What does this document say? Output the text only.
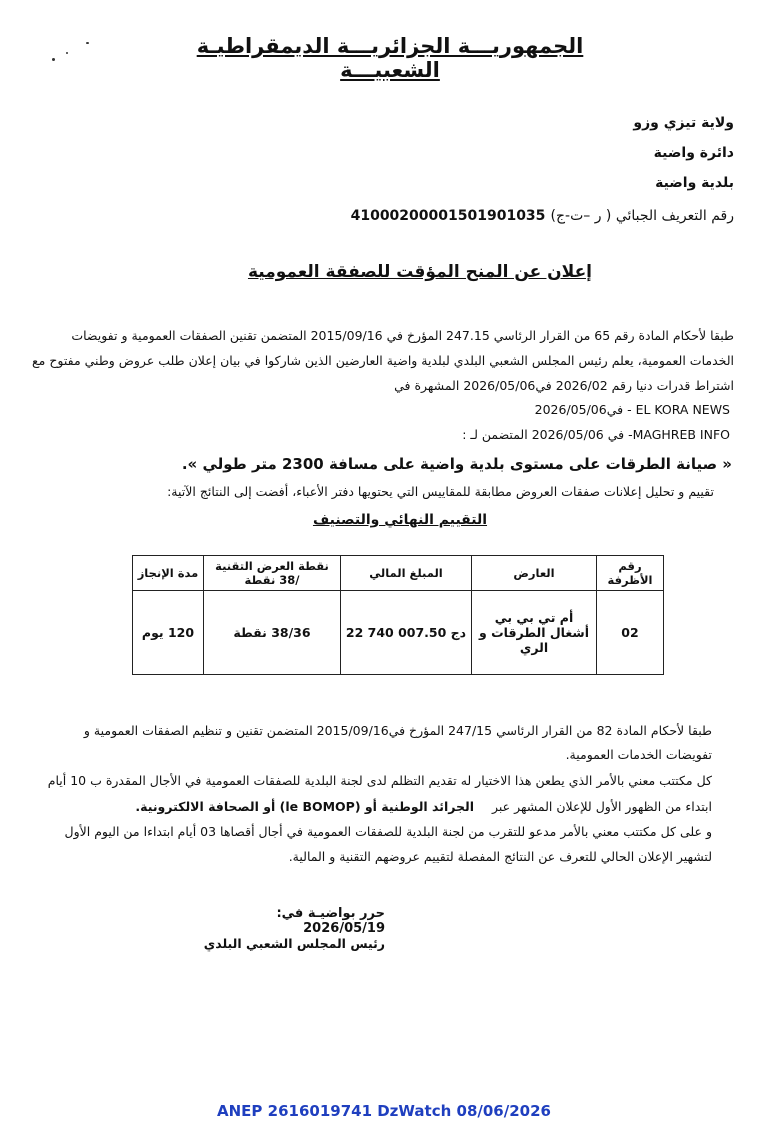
الجمهوريـــة الجزائريـــة الديمقراطيـة الشعبيـــة
ولاية تيزي وزو
دائرة واضية
بلدية واضية
رقم التعريف الجبائي ( ر –ت-ج) 41000200001501901035
إعلان عن المنح المؤقت للصفقة العمومية
طبقا لأحكام المادة رقم 65 من القرار الرئاسي 247.15 المؤرخ في 2015/09/16 المتضمن تقنين الصفقات العمومية و تفويضات
الخدمات العمومية، يعلم رئيس المجلس الشعبي البلدي لبلدية واضية العارضين الذين شاركوا في بيان إعلان طلب عروض وطني مفتوح مع
اشتراط قدرات دنيا رقم 2026/02 في2026/05/06 المشهرة في
EL KORA NEWS - في2026/05/06
MAGHREB INFO- في 2026/05/06 المتضمن لـ :
« صيانة الطرقات على مستوى بلدية واضية على مسافة 2300 متر طولي ».
تقييم و تحليل إعلانات صفقات العروض مطابقة للمقاييس التي يحتويها دفتر الأعباء، أفضت إلى النتائج الآتية:
التقييم النهائي والتصنيف
رقم الأظرفة	العارض	المبلغ المالي	نقطة العرض التقنية /38 نقطة	مدة الإنجاز
02	أم تي بي بي أشغال الطرقات و الري	22 740 007.50 دج	38/36 نقطة	120 يوم
طبقا لأحكام المادة 82 من القرار الرئاسي 247/15 المؤرخ في2015/09/16 المتضمن تقنين و تنظيم الصفقات العمومية و
تفويضات الخدمات العمومية.
كل مكتتب معني بالأمر الذي يطعن هذا الاختيار له تقديم التظلم لدى لجنة البلدية للصفقات العمومية في الأجال المقدرة ب 10 أيام
ابتداء من الظهور الأول للإعلان المشهر عبر الجرائد الوطنية أو (le BOMOP) أو الصحافة الالكترونية.
و على كل مكتتب معني بالأمر مدعو للتقرب من لجنة البلدية للصفقات العمومية في أجال أقصاها 03 أيام ابتداءا من اليوم الأول
لتشهير الإعلان الحالي للتعرف عن النتائج المفصلة لتقييم عروضهم التقنية و المالية.
حرر بواضيـة في: 2026/05/19
رئيس المجلس الشعبي البلدي
ANEP 2616019741 DzWatch 08/06/2026
